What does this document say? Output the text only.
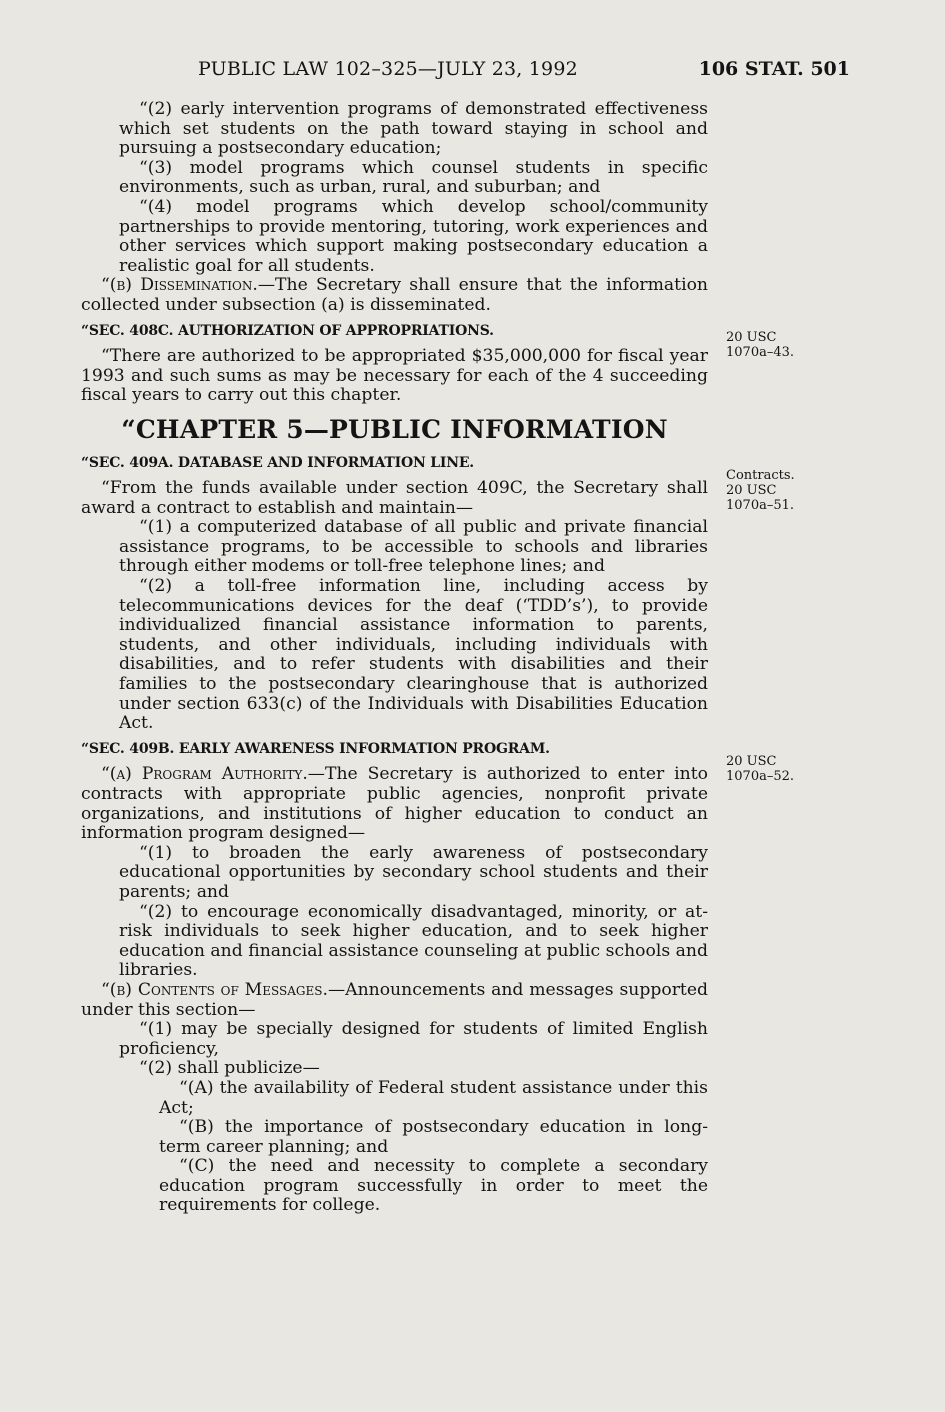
PUBLIC LAW 102–325—JULY 23, 1992	106 STAT. 501

“(2) early intervention programs of demonstrated effectiveness which set students on the path toward staying in school and pursuing a postsecondary education;

“(3) model programs which counsel students in specific environments, such as urban, rural, and suburban; and

“(4) model programs which develop school/community partnerships to provide mentoring, tutoring, work experiences and other services which support making postsecondary education a realistic goal for all students.

“(b) Dissemination.—The Secretary shall ensure that the information collected under subsection (a) is disseminated.

“SEC. 408C. AUTHORIZATION OF APPROPRIATIONS.

“There are authorized to be appropriated $35,000,000 for fiscal year 1993 and such sums as may be necessary for each of the 4 succeeding fiscal years to carry out this chapter.

“CHAPTER 5—PUBLIC INFORMATION

“SEC. 409A. DATABASE AND INFORMATION LINE.

“From the funds available under section 409C, the Secretary shall award a contract to establish and maintain—

“(1) a computerized database of all public and private financial assistance programs, to be accessible to schools and libraries through either modems or toll-free telephone lines; and

“(2) a toll-free information line, including access by telecommunications devices for the deaf (‘TDD’s’), to provide individualized financial assistance information to parents, students, and other individuals, including individuals with disabilities, and to refer students with disabilities and their families to the postsecondary clearinghouse that is authorized under section 633(c) of the Individuals with Disabilities Education Act.

“SEC. 409B. EARLY AWARENESS INFORMATION PROGRAM.

“(a) Program Authority.—The Secretary is authorized to enter into contracts with appropriate public agencies, nonprofit private organizations, and institutions of higher education to conduct an information program designed—

“(1) to broaden the early awareness of postsecondary educational opportunities by secondary school students and their parents; and

“(2) to encourage economically disadvantaged, minority, or at-risk individuals to seek higher education, and to seek higher education and financial assistance counseling at public schools and libraries.

“(b) Contents of Messages.—Announcements and messages supported under this section—

“(1) may be specially designed for students of limited English proficiency,

“(2) shall publicize—

“(A) the availability of Federal student assistance under this Act;

“(B) the importance of postsecondary education in long-term career planning; and

“(C) the need and necessity to complete a secondary education program successfully in order to meet the requirements for college.

20 USC
1070a–43.
Contracts.
20 USC
1070a–51.
20 USC
1070a–52.
